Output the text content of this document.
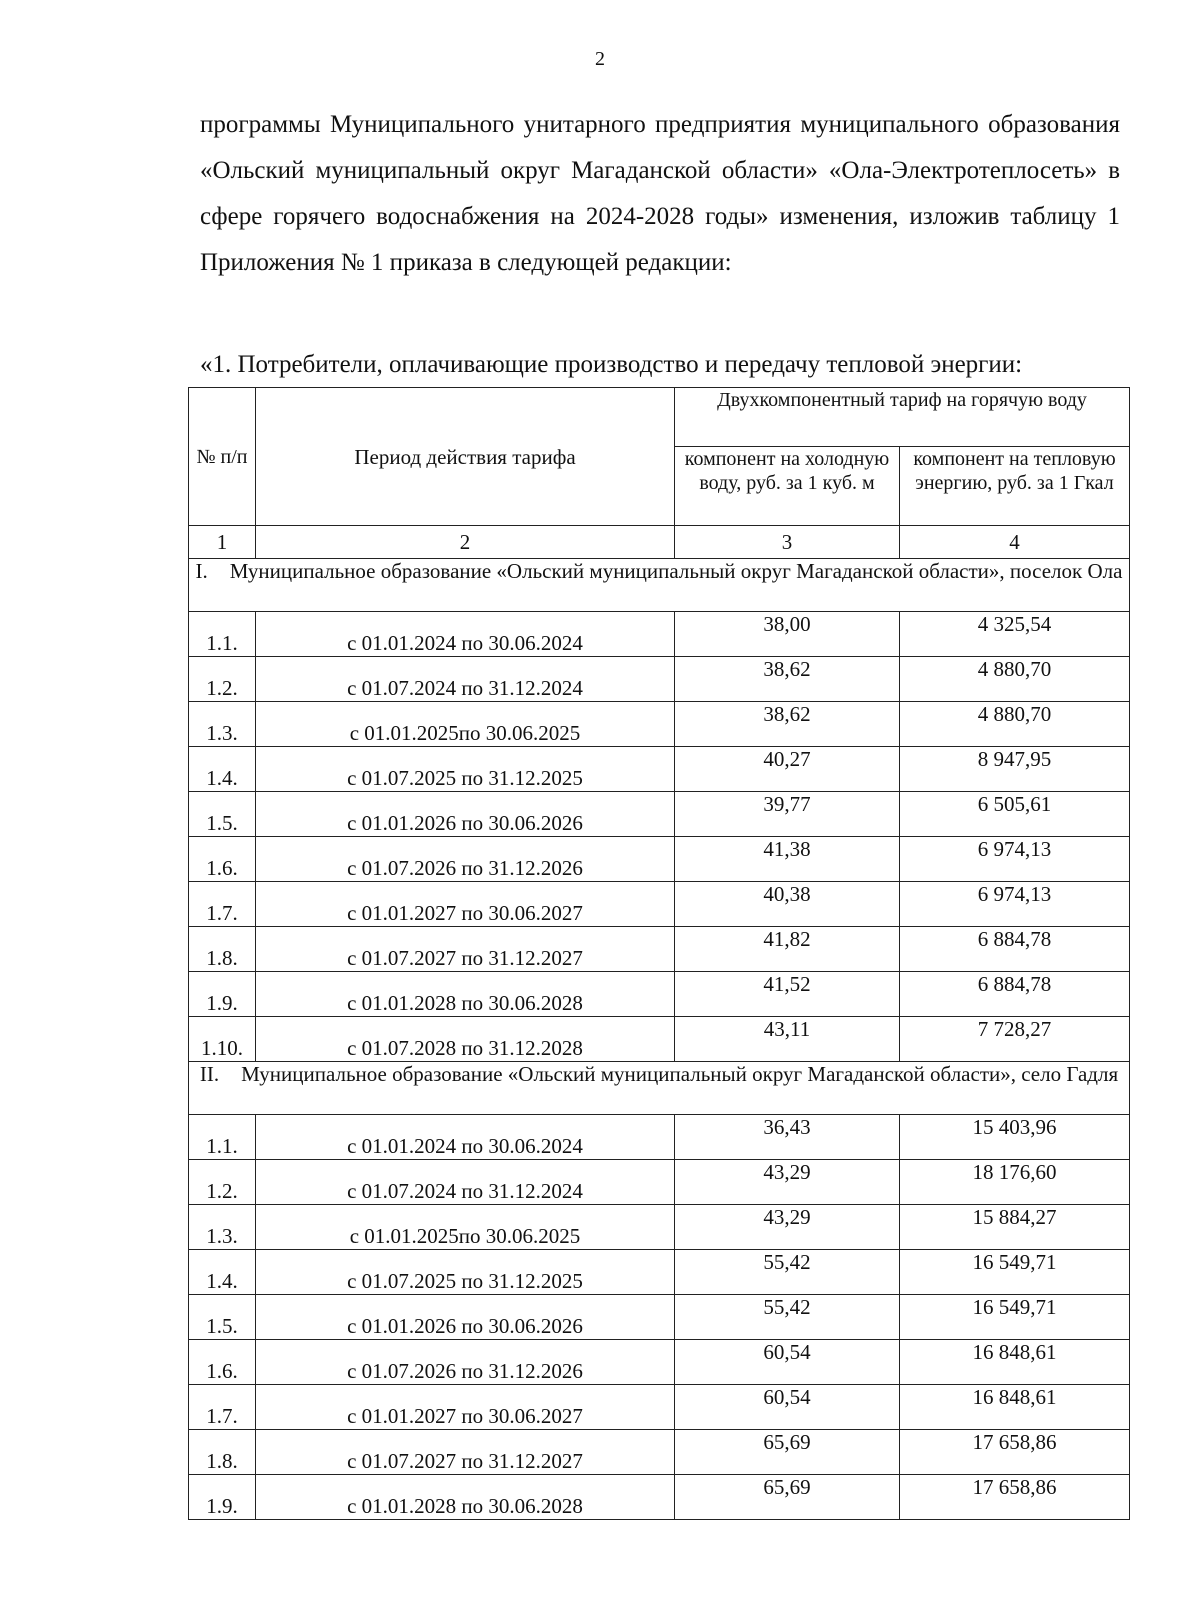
2
программы Муниципального унитарного предприятия муниципального образования «Ольский муниципальный округ Магаданской области» «Ола-Электротеплосеть» в сфере горячего водоснабжения на 2024-2028 годы» изменения, изложив таблицу 1 Приложения № 1 приказа в следующей редакции:
«1. Потребители, оплачивающие производство и передачу тепловой энергии:
№ п/п	Период действия тарифа	Двухкомпонентный тариф на горячую воду	
		компонент на холодную воду, руб. за 1 куб. м	компонент на тепловую энергию, руб. за 1 Гкал
1	2	3	4
I. Муниципальное образование «Ольский муниципальный округ Магаданской области», поселок Ола			
1.1.	с 01.01.2024 по 30.06.2024	38,00	4 325,54
1.2.	с 01.07.2024 по 31.12.2024	38,62	4 880,70
1.3.	с 01.01.2025по 30.06.2025	38,62	4 880,70
1.4.	с 01.07.2025 по 31.12.2025	40,27	8 947,95
1.5.	с 01.01.2026 по 30.06.2026	39,77	6 505,61
1.6.	с 01.07.2026 по 31.12.2026	41,38	6 974,13
1.7.	с 01.01.2027 по 30.06.2027	40,38	6 974,13
1.8.	с 01.07.2027 по 31.12.2027	41,82	6 884,78
1.9.	с 01.01.2028 по 30.06.2028	41,52	6 884,78
1.10.	с 01.07.2028 по 31.12.2028	43,11	7 728,27
II. Муниципальное образование «Ольский муниципальный округ Магаданской области», село Гадля			
1.1.	с 01.01.2024 по 30.06.2024	36,43	15 403,96
1.2.	с 01.07.2024 по 31.12.2024	43,29	18 176,60
1.3.	с 01.01.2025по 30.06.2025	43,29	15 884,27
1.4.	с 01.07.2025 по 31.12.2025	55,42	16 549,71
1.5.	с 01.01.2026 по 30.06.2026	55,42	16 549,71
1.6.	с 01.07.2026 по 31.12.2026	60,54	16 848,61
1.7.	с 01.01.2027 по 30.06.2027	60,54	16 848,61
1.8.	с 01.07.2027 по 31.12.2027	65,69	17 658,86
1.9.	с 01.01.2028 по 30.06.2028	65,69	17 658,86
